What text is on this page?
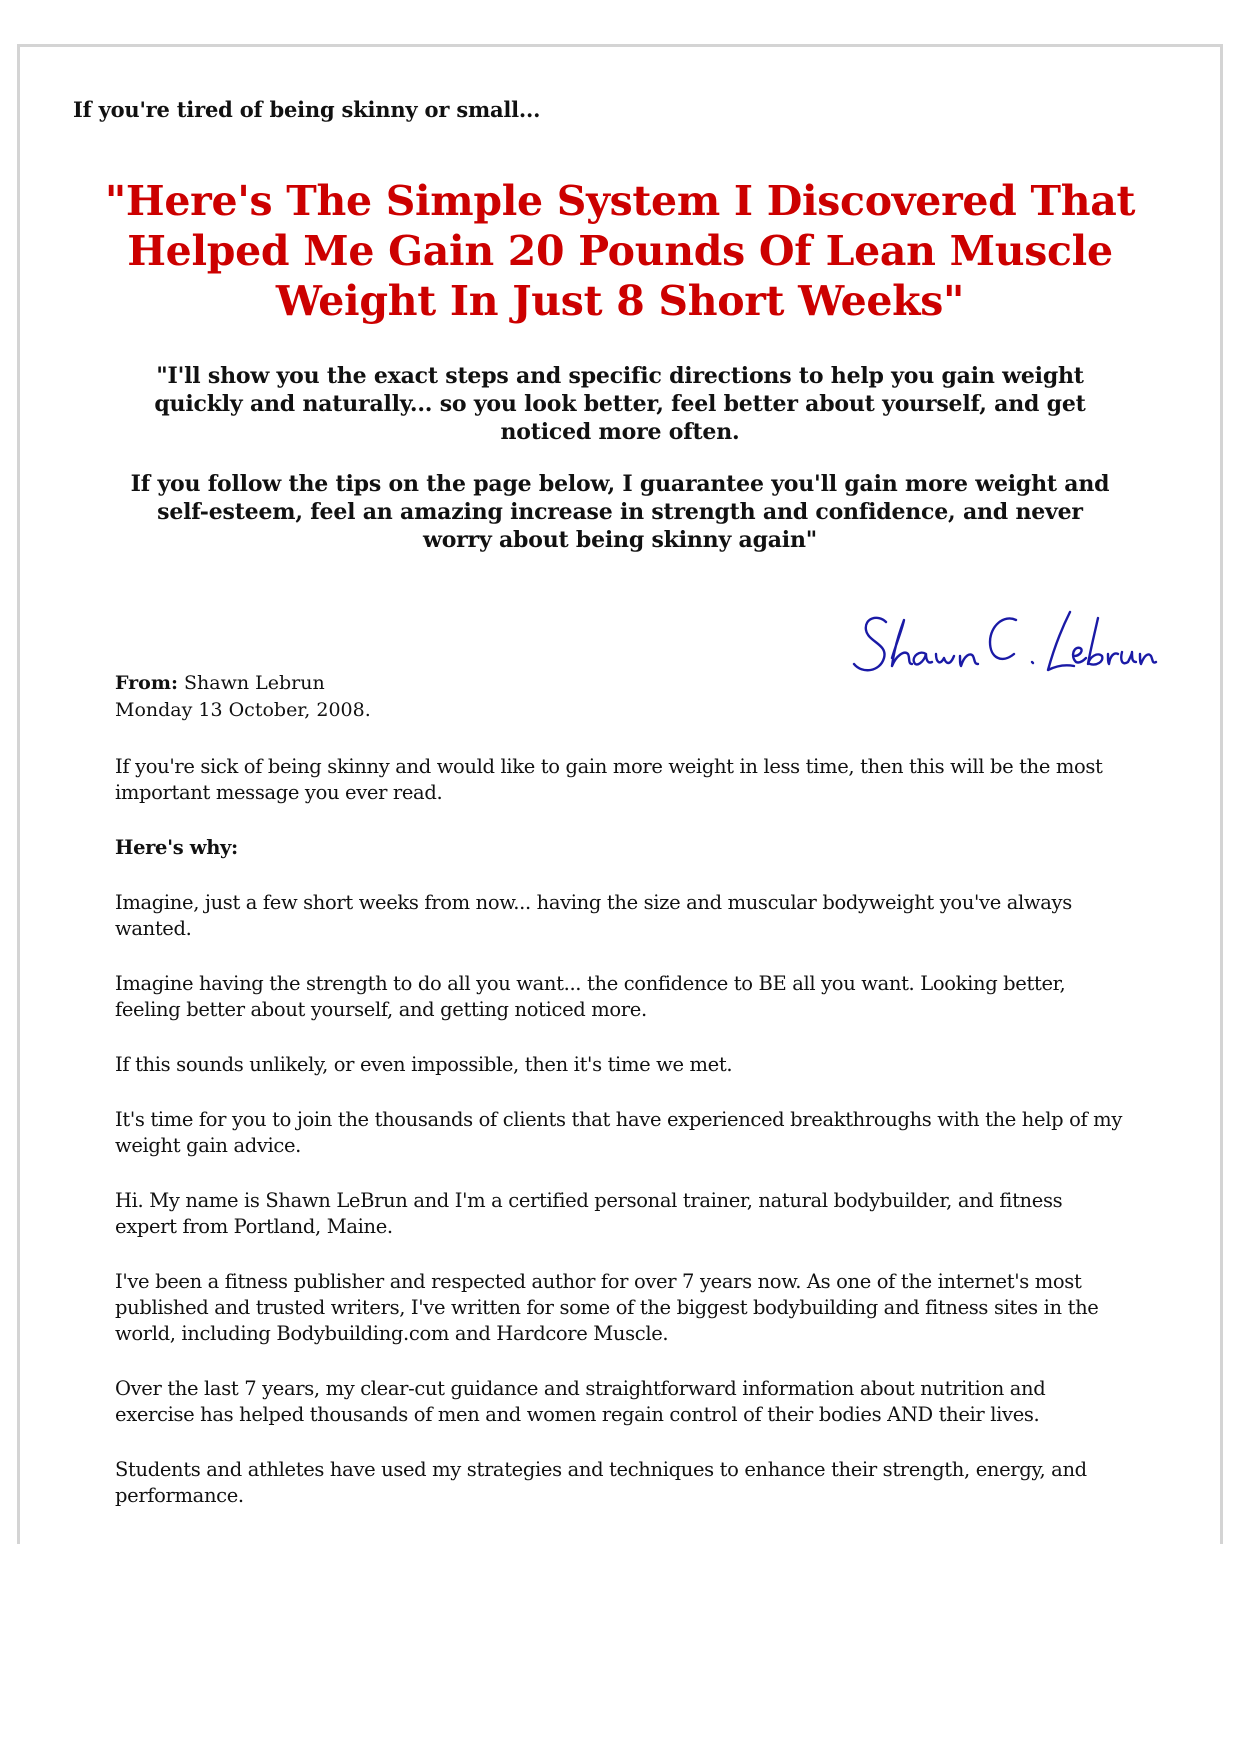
If you're tired of being skinny or small...

"Here's The Simple System I Discovered That Helped Me Gain 20 Pounds Of Lean Muscle Weight In Just 8 Short Weeks"

"I'll show you the exact steps and specific directions to help you gain weight quickly and naturally... so you look better, feel better about yourself, and get noticed more often.

If you follow the tips on the page below, I guarantee you'll gain more weight and self-esteem, feel an amazing increase in strength and confidence, and never worry about being skinny again"

From: Shawn Lebrun
Monday 13 October, 2008.

If you're sick of being skinny and would like to gain more weight in less time, then this will be the most important message you ever read.

Here's why:

Imagine, just a few short weeks from now... having the size and muscular bodyweight you've always wanted.

Imagine having the strength to do all you want... the confidence to BE all you want. Looking better, feeling better about yourself, and getting noticed more.

If this sounds unlikely, or even impossible, then it's time we met.

It's time for you to join the thousands of clients that have experienced breakthroughs with the help of my weight gain advice.

Hi. My name is Shawn LeBrun and I'm a certified personal trainer, natural bodybuilder, and fitness expert from Portland, Maine.

I've been a fitness publisher and respected author for over 7 years now. As one of the internet's most published and trusted writers, I've written for some of the biggest bodybuilding and fitness sites in the world, including Bodybuilding.com and Hardcore Muscle.

Over the last 7 years, my clear-cut guidance and straightforward information about nutrition and exercise has helped thousands of men and women regain control of their bodies AND their lives.

Students and athletes have used my strategies and techniques to enhance their strength, energy, and performance.
